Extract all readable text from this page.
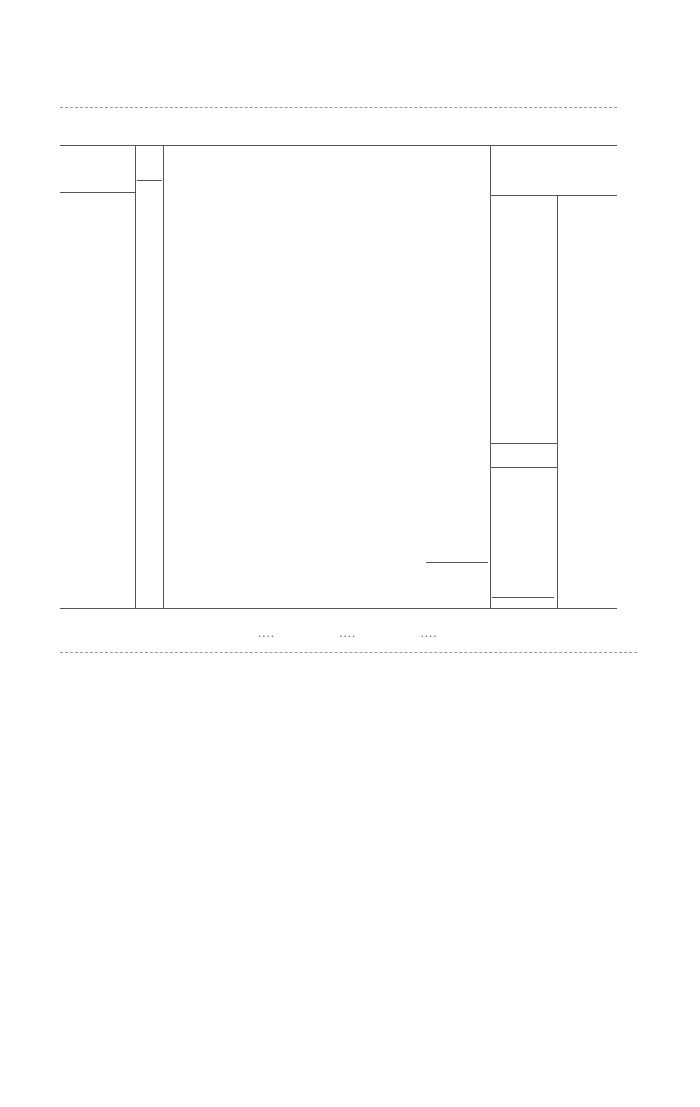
.... .... ....
